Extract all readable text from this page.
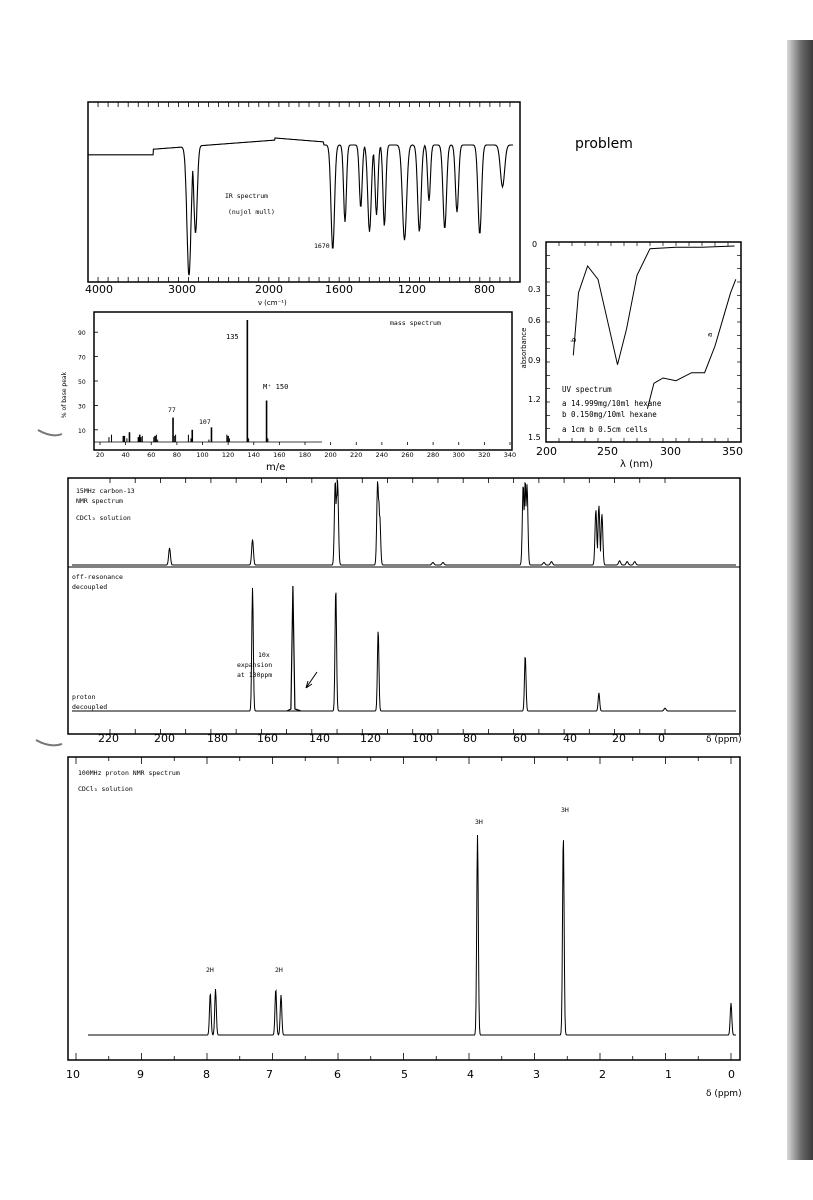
problem
IR spectrum
(nujol mull)
1670
4000	3000	2000	1600	1200	800
ν (cm⁻¹)
90
70
50
30
10
20	40	60	80 100 120 140 160 180 200 220 240 260 280 300 320 340
mass spectrum
135
M⁺ 150
77
107
m/e
% of base peak
b
a
UV spectrum
a 14.999mg/10ml hexane
b 0.150mg/10ml hexane
a 1cm b 0.5cm cells
absorbance
0
0.3
0.6
0.9
1.2
1.5
200	250	300	350
λ (nm)
15MHz carbon-13
NMR spectrum
CDCl₃ solution
off-resonance
decoupled
proton
decoupled
10x
expansion
at 130ppm
220	200	180	160	140	120	100	80	60	40	20	0	δ (ppm)
100MHz proton NMR spectrum
CDCl₃ solution
2H	2H
3H
3H
10	9	8	7	6	5	4	3	2	1	0
δ (ppm)
